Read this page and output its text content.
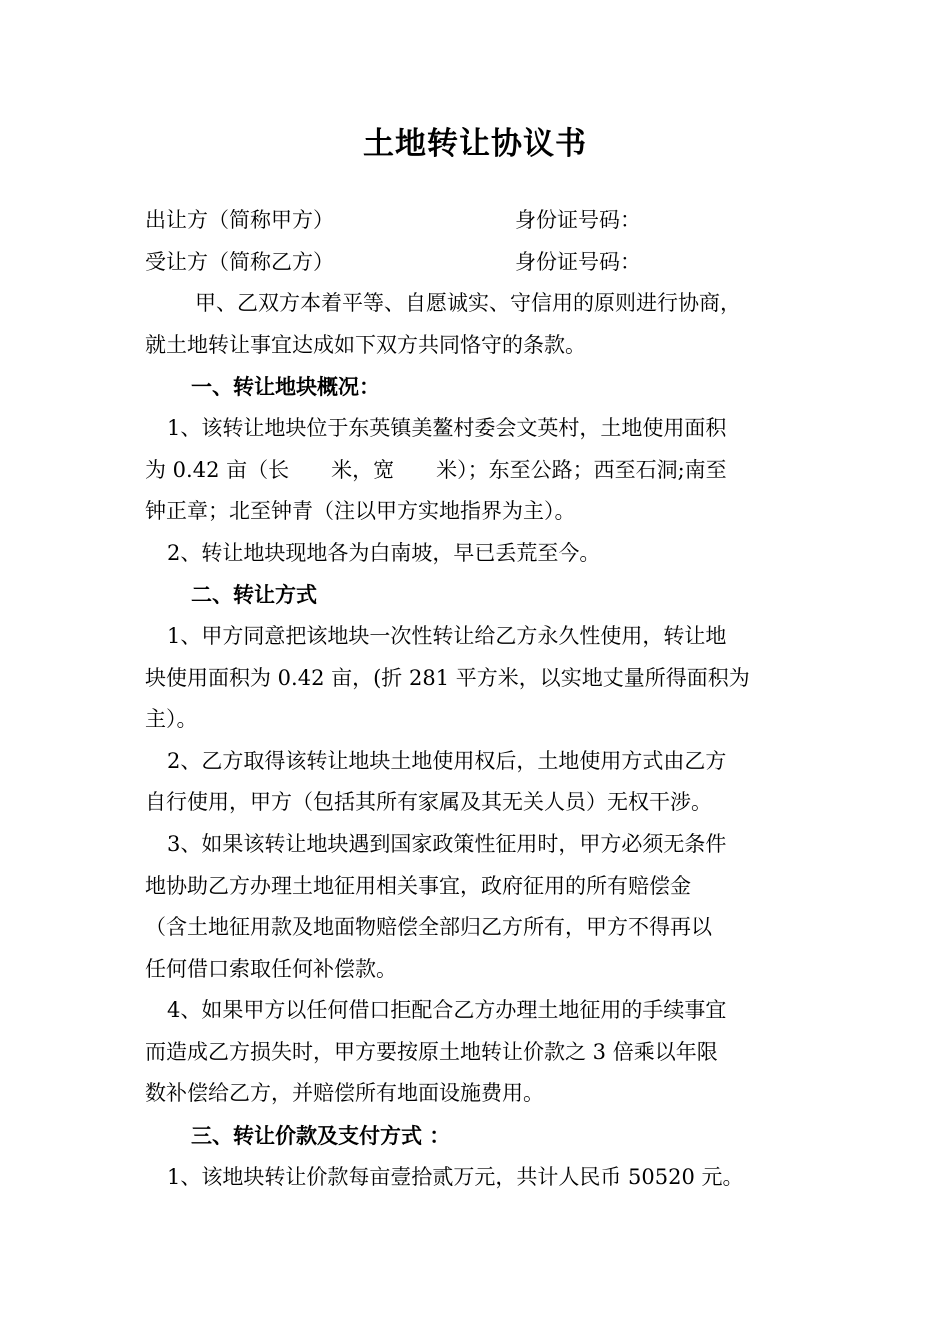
土地转让协议书
出让方（简称甲方）	身份证号码：
受让方（简称乙方）	身份证号码：
甲、乙双方本着平等、自愿诚实、守信用的原则进行协商，
就土地转让事宜达成如下双方共同恪守的条款。
一、转让地块概况：
1、该转让地块位于东英镇美鳌村委会文英村，土地使用面积
为 0.42 亩（长　　米，宽　　米）；东至公路；西至石洞;南至
钟正章；北至钟青（注以甲方实地指界为主）。
2、转让地块现地各为白南坡，早已丢荒至今。
二、转让方式
1、甲方同意把该地块一次性转让给乙方永久性使用，转让地
块使用面积为 0.42 亩，(折 281 平方米，以实地丈量所得面积为
主）。
2、乙方取得该转让地块土地使用权后，土地使用方式由乙方
自行使用，甲方（包括其所有家属及其无关人员）无权干涉。
3、如果该转让地块遇到国家政策性征用时，甲方必须无条件
地协助乙方办理土地征用相关事宜，政府征用的所有赔偿金
（含土地征用款及地面物赔偿全部归乙方所有，甲方不得再以
任何借口索取任何补偿款。
4、如果甲方以任何借口拒配合乙方办理土地征用的手续事宜
而造成乙方损失时，甲方要按原土地转让价款之 3 倍乘以年限
数补偿给乙方，并赔偿所有地面设施费用。
三、转让价款及支付方式 ：
1、该地块转让价款每亩壹拾贰万元，共计人民币 50520 元。
